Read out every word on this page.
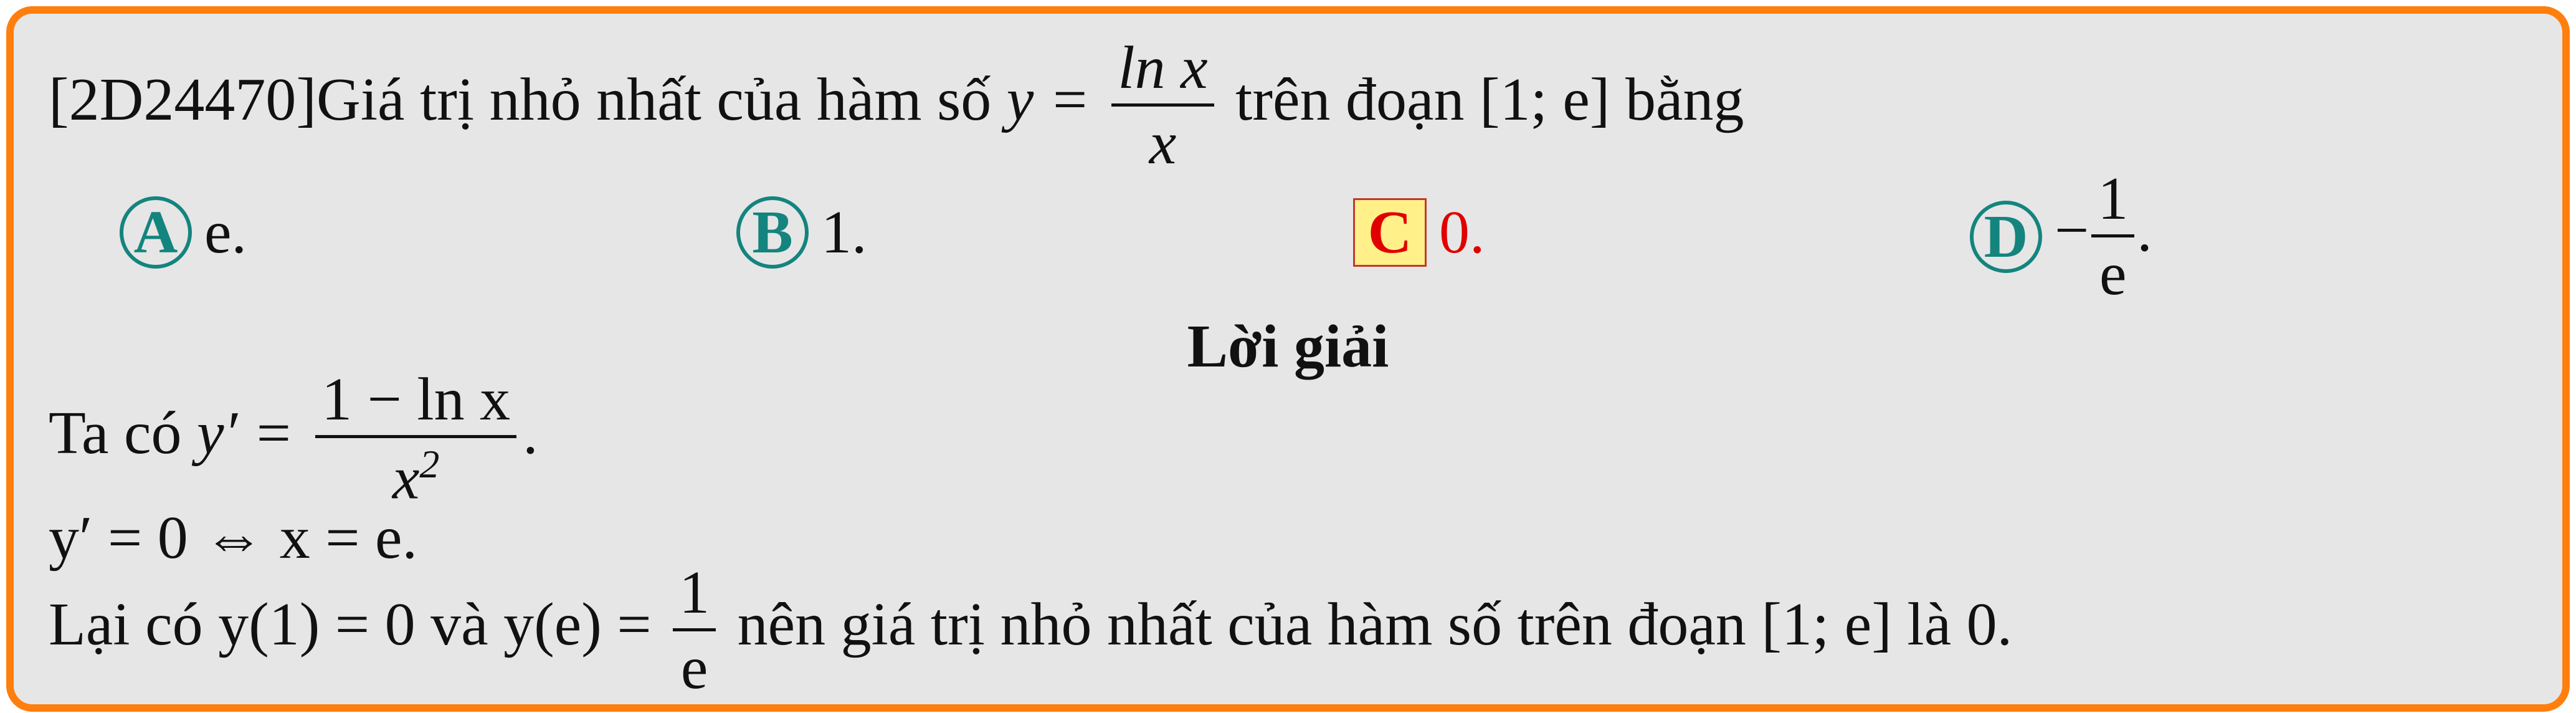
[2D24470]Giá trị nhỏ nhất của hàm số $y = \frac{\text{ln x}}{x}$ trên đoạn [1; e] bằng
A e.	B 1.	C 0.	$D - \frac{1}{e}$ .
Lời giải
Ta có $y' = \frac{\text{1 − ln x}}{x^2}$ .
y′ = 0 ⇔ x = e.
Lại có y(1) = 0 và $y(e) = \frac{1}{e}$ nên giá trị nhỏ nhất của hàm số trên đoạn [1; e] là 0.
